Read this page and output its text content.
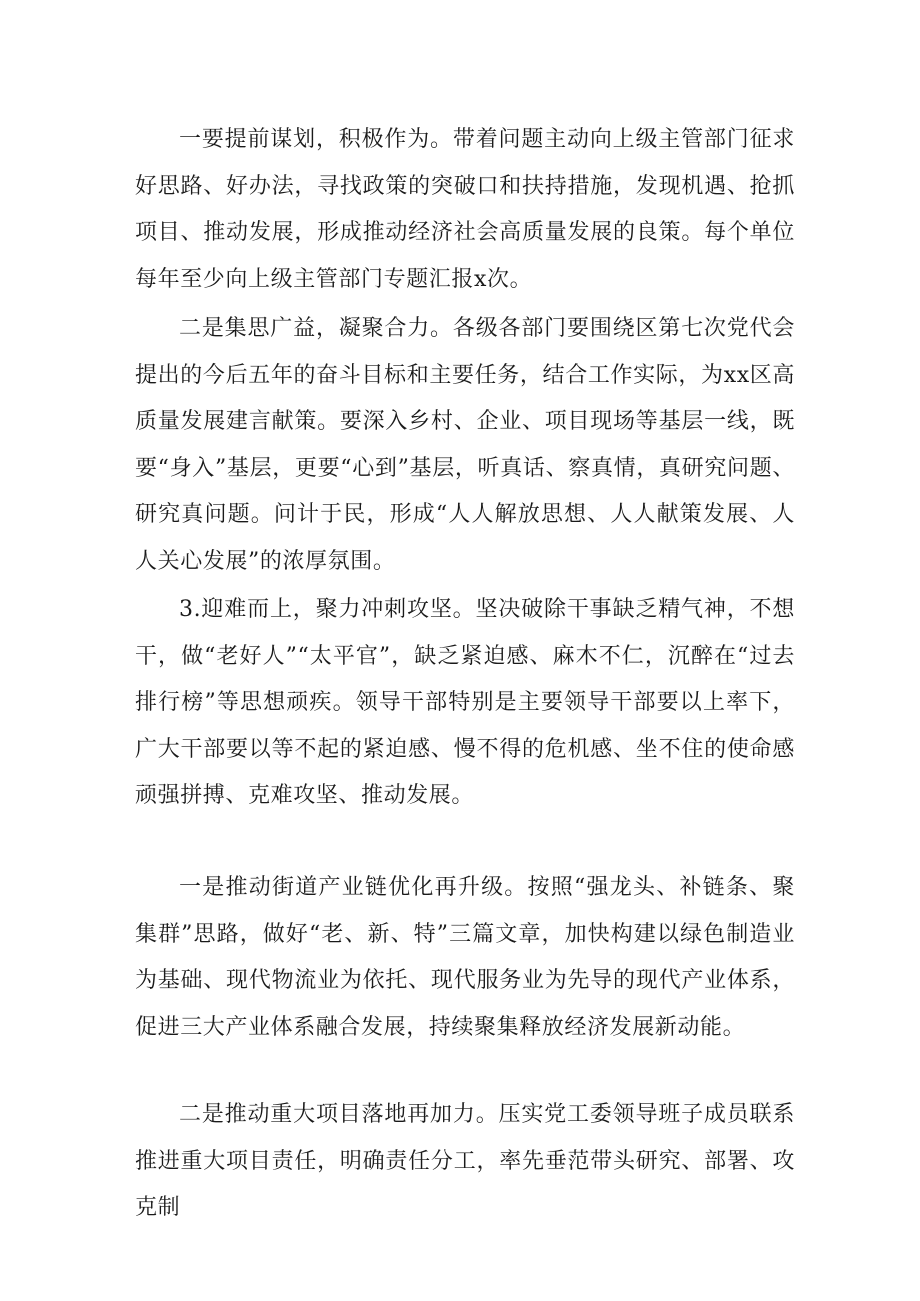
一要提前谋划，积极作为。带着问题主动向上级主管部门征求好思路、好办法，寻找政策的突破口和扶持措施，发现机遇、抢抓项目、推动发展，形成推动经济社会高质量发展的良策。每个单位每年至少向上级主管部门专题汇报x次。

二是集思广益，凝聚合力。各级各部门要围绕区第七次党代会提出的今后五年的奋斗目标和主要任务，结合工作实际，为xx区高质量发展建言献策。要深入乡村、企业、项目现场等基层一线，既要“身入”基层，更要“心到”基层，听真话、察真情，真研究问题、研究真问题。问计于民，形成“人人解放思想、人人献策发展、人人关心发展”的浓厚氛围。

3.迎难而上，聚力冲刺攻坚。坚决破除干事缺乏精气神，不想干，做“老好人”“太平官”，缺乏紧迫感、麻木不仁，沉醉在“过去排行榜”等思想顽疾。领导干部特别是主要领导干部要以上率下，广大干部要以等不起的紧迫感、慢不得的危机感、坐不住的使命感顽强拼搏、克难攻坚、推动发展。

一是推动街道产业链优化再升级。按照“强龙头、补链条、聚集群”思路，做好“老、新、特”三篇文章，加快构建以绿色制造业为基础、现代物流业为依托、现代服务业为先导的现代产业体系，促进三大产业体系融合发展，持续聚集释放经济发展新动能。

二是推动重大项目落地再加力。压实党工委领导班子成员联系推进重大项目责任，明确责任分工，率先垂范带头研究、部署、攻克制
